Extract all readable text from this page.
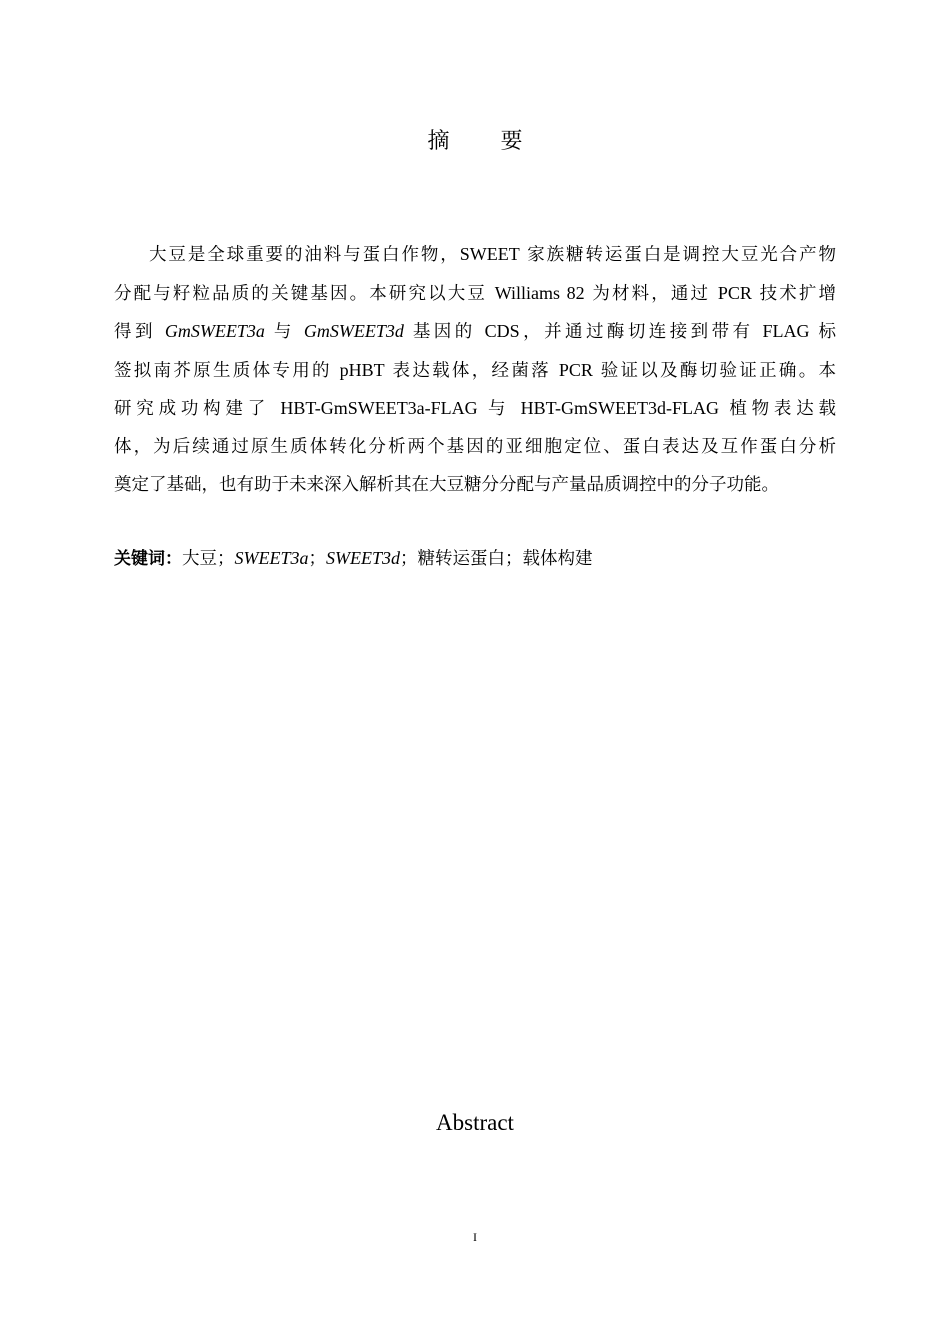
摘 要
大豆是全球重要的油料与蛋白作物，SWEET 家族糖转运蛋白是调控大豆光合产物
分配与籽粒品质的关键基因。本研究以大豆 Williams 82 为材料，通过 PCR 技术扩增
得到 GmSWEET3a 与 GmSWEET3d 基因的 CDS，并通过酶切连接到带有 FLAG 标
签拟南芥原生质体专用的 pHBT 表达载体，经菌落 PCR 验证以及酶切验证正确。本
研究成功构建了 HBT-GmSWEET3a-FLAG 与 HBT-GmSWEET3d-FLAG 植物表达载
体，为后续通过原生质体转化分析两个基因的亚细胞定位、蛋白表达及互作蛋白分析
奠定了基础，也有助于未来深入解析其在大豆糖分分配与产量品质调控中的分子功能。
关键词：大豆；SWEET3a；SWEET3d；糖转运蛋白；载体构建
Abstract
I
